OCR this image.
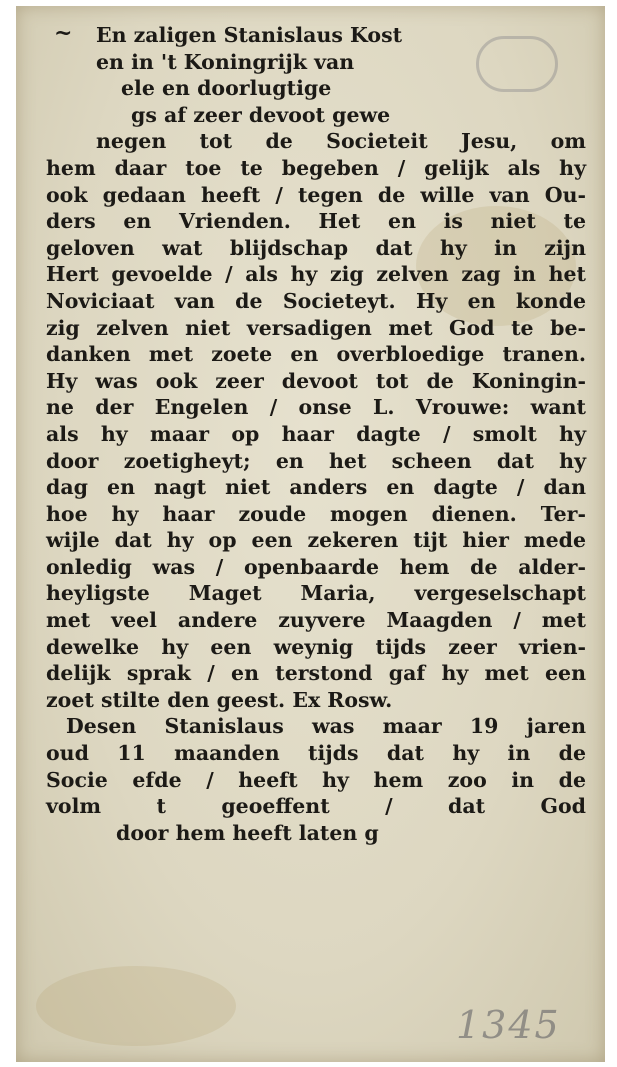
~	En zaligen Stanislaus Kost
en in 't Koningrijk van
ele en doorlugtige
gs af zeer devoot gewe
negen tot de Societeit Jesu, om
hem daar toe te begeben / gelijk als hy
ook gedaan heeft / tegen de wille van Ou-
ders en Vrienden. Het en is niet te
geloven wat blijdschap dat hy in zijn
Hert gevoelde / als hy zig zelven zag in het
Noviciaat van de Societeyt. Hy en konde
zig zelven niet versadigen met God te be-
danken met zoete en overbloedige tranen.
Hy was ook zeer devoot tot de Koningin-
ne der Engelen / onse L. Vrouwe: want
als hy maar op haar dagte / smolt hy
door zoetigheyt; en het scheen dat hy
dag en nagt niet anders en dagte / dan
hoe hy haar zoude mogen dienen. Ter-
wijle dat hy op een zekeren tijt hier mede
onledig was / openbaarde hem de alder-
heyligste Maget Maria, vergeselschapt
met veel andere zuyvere Maagden / met
dewelke hy een weynig tijds zeer vrien-
delijk sprak / en terstond gaf hy met een
zoet stilte den geest. Ex Rosw.
Desen Stanislaus was maar 19 jaren
oud 11 maanden tijds dat hy in de
Socie efde / heeft hy hem zoo in de
volm t geoeffent / dat God
door hem heeft laten g
1345
